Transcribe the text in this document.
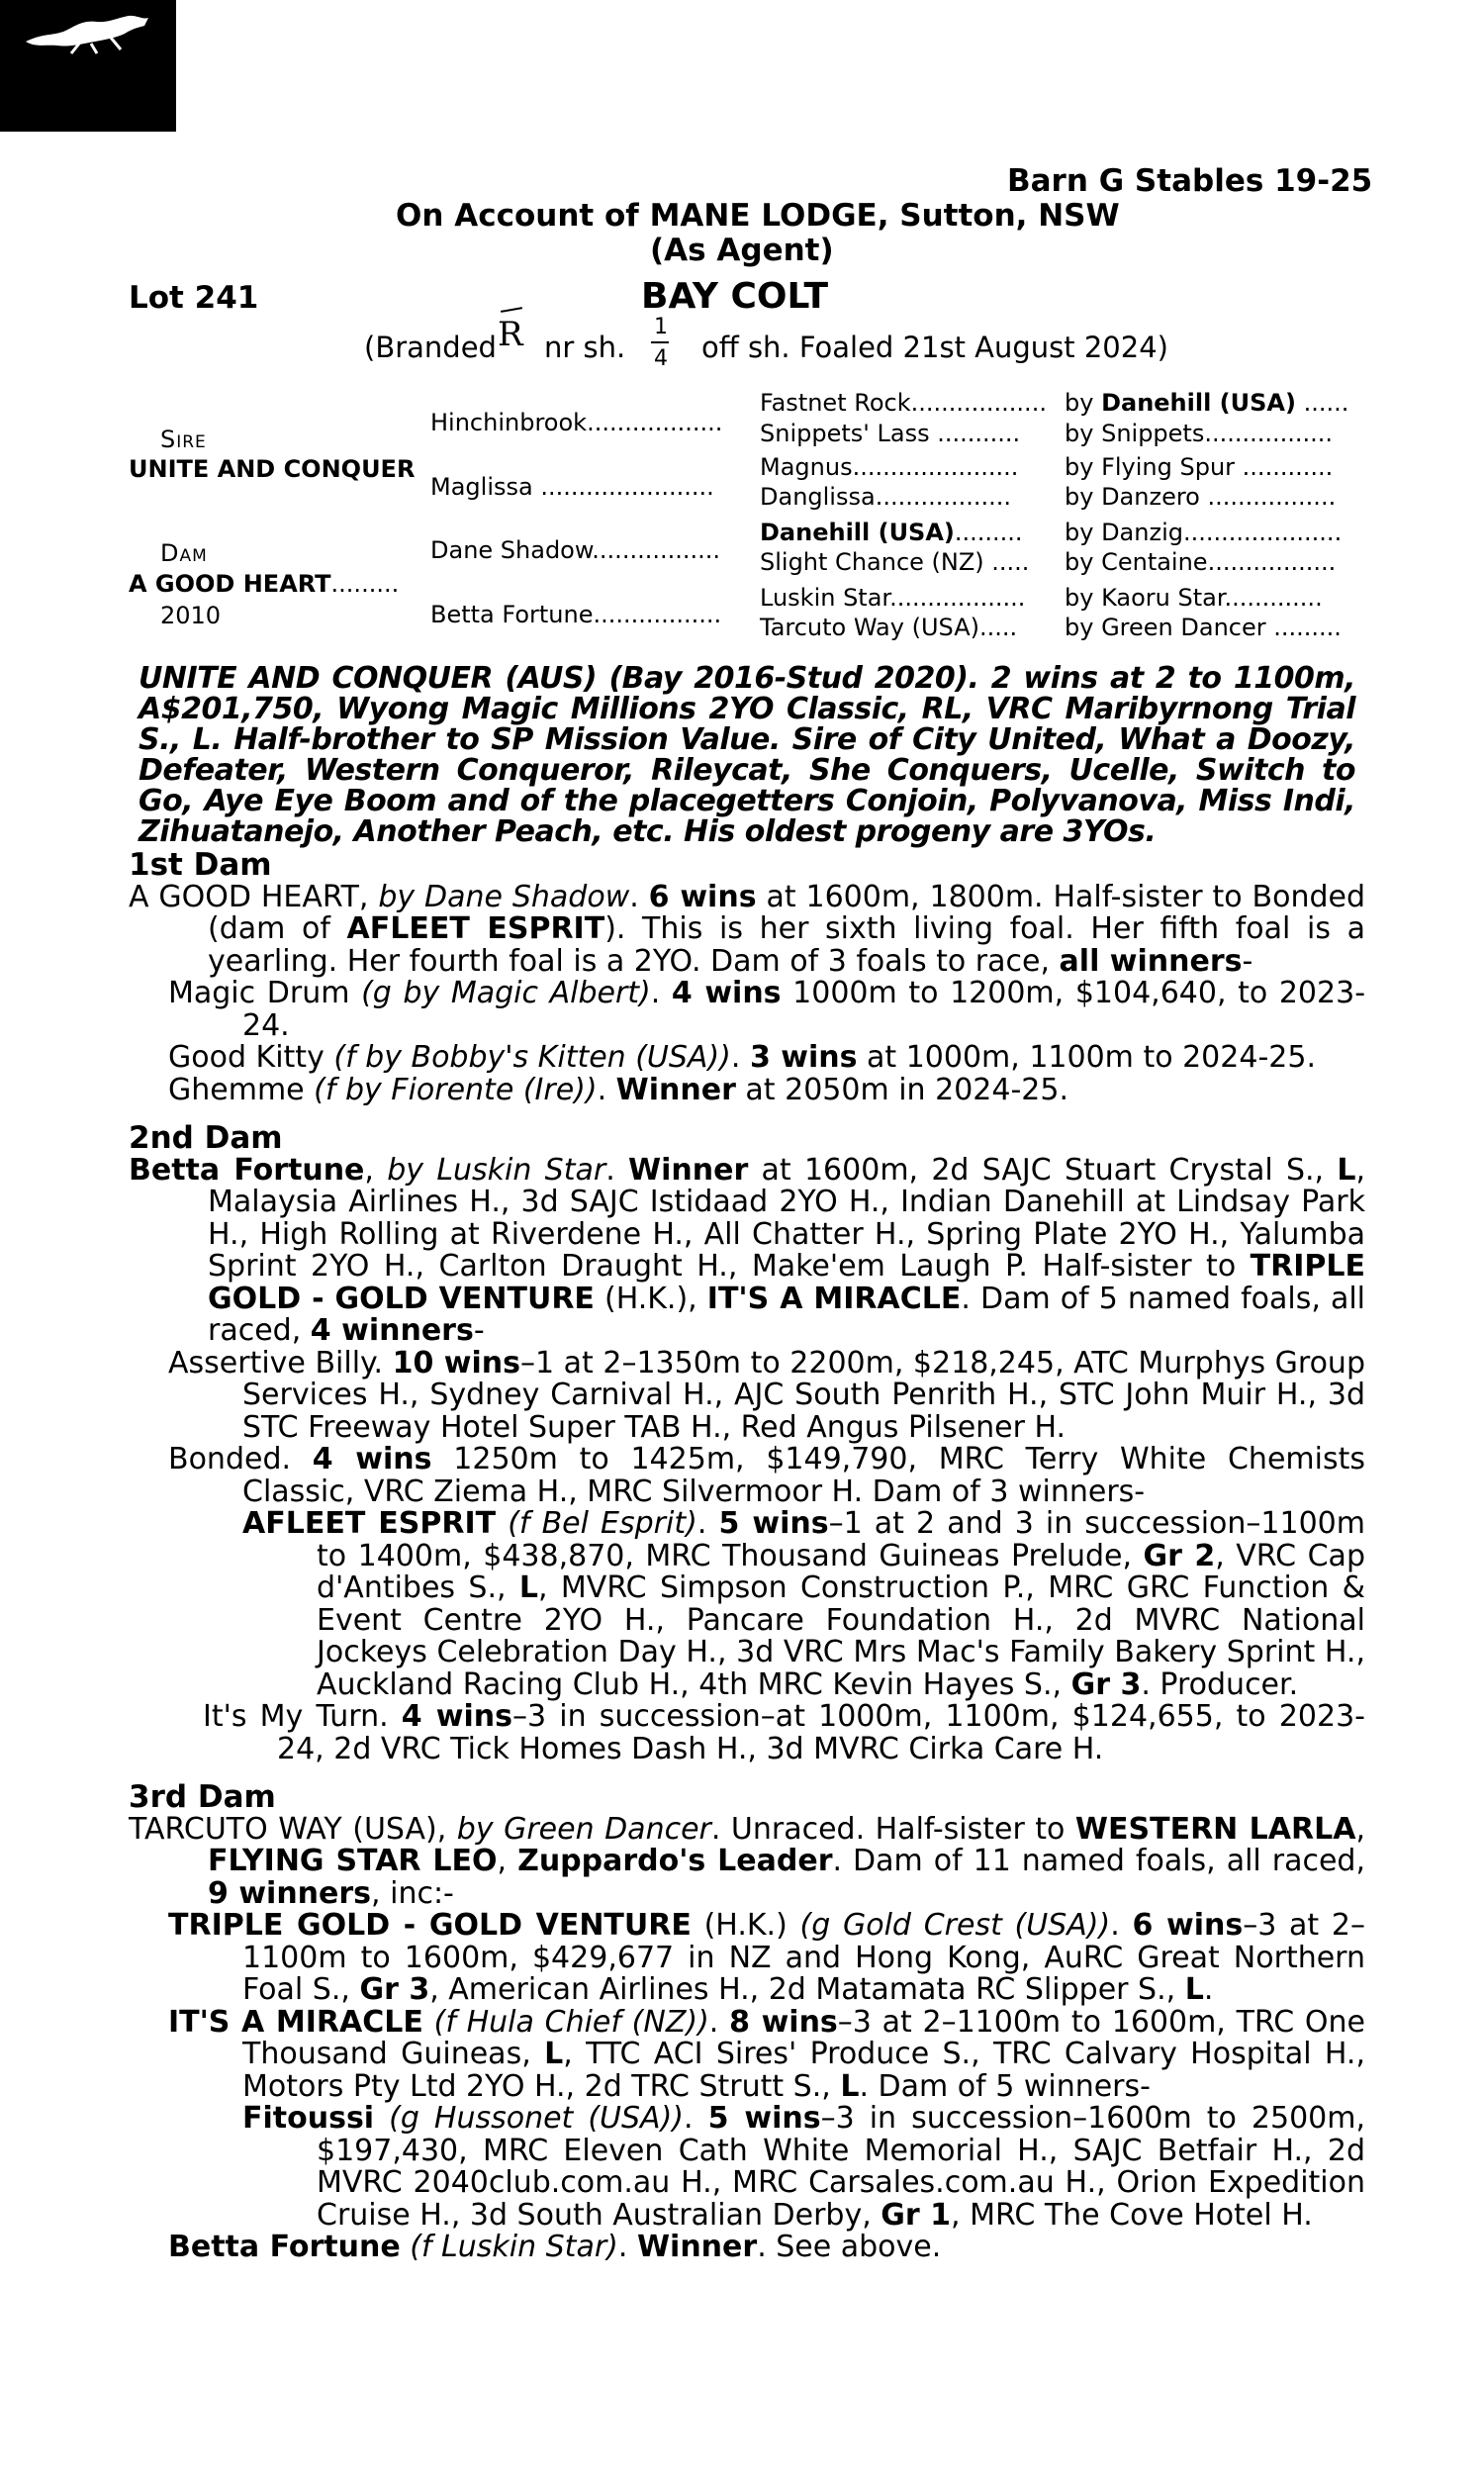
BOBS
ELIGIBLE
Barn G Stables 19-25
On Account of MANE LODGE, Sutton, NSW
(As Agent)
Lot 241	BAY COLT
(Branded R nr sh.
1
4 off sh. Foaled 21st August 2024)
Sire
UNITE AND CONQUER
Dam
A GOOD HEART.........
2010
Hinchinbrook..................
Maglissa .......................
Dane Shadow.................
Betta Fortune.................
Fastnet Rock.................. by Danehill (USA) ......
Snippets' Lass ........... by Snippets.................
Magnus...................... by Flying Spur ............
Danglissa.................. by Danzero .................
Danehill (USA)......... by Danzig.....................
Slight Chance (NZ) ..... by Centaine.................
Luskin Star.................. by Kaoru Star.............
Tarcuto Way (USA)..... by Green Dancer .........
UNITE AND CONQUER (AUS) (Bay 2016-Stud 2020). 2 wins at 2 to 1100m, A$201,750, Wyong Magic Millions 2YO Classic, RL, VRC Maribyrnong Trial S., L. Half-brother to SP Mission Value. Sire of City United, What a Doozy, Defeater, Western Conqueror, Rileycat, She Conquers, Ucelle, Switch to Go, Aye Eye Boom and of the placegetters Conjoin, Polyvanova, Miss Indi, Zihuatanejo, Another Peach, etc. His oldest progeny are 3YOs.
1st Dam
A GOOD HEART, by Dane Shadow. 6 wins at 1600m, 1800m. Half-sister to Bonded (dam of AFLEET ESPRIT). This is her sixth living foal. Her fifth foal is a yearling. Her fourth foal is a 2YO. Dam of 3 foals to race, all winners-
Magic Drum (g by Magic Albert). 4 wins 1000m to 1200m, $104,640, to 2023-24.
Good Kitty (f by Bobby's Kitten (USA)). 3 wins at 1000m, 1100m to 2024-25.
Ghemme (f by Fiorente (Ire)). Winner at 2050m in 2024-25.
2nd Dam
Betta Fortune, by Luskin Star. Winner at 1600m, 2d SAJC Stuart Crystal S., L, Malaysia Airlines H., 3d SAJC Istidaad 2YO H., Indian Danehill at Lindsay Park H., High Rolling at Riverdene H., All Chatter H., Spring Plate 2YO H., Yalumba Sprint 2YO H., Carlton Draught H., Make'em Laugh P. Half-sister to TRIPLE GOLD - GOLD VENTURE (H.K.), IT'S A MIRACLE. Dam of 5 named foals, all raced, 4 winners-
Assertive Billy. 10 wins–1 at 2–1350m to 2200m, $218,245, ATC Murphys Group Services H., Sydney Carnival H., AJC South Penrith H., STC John Muir H., 3d STC Freeway Hotel Super TAB H., Red Angus Pilsener H.
Bonded. 4 wins 1250m to 1425m, $149,790, MRC Terry White Chemists Classic, VRC Ziema H., MRC Silvermoor H. Dam of 3 winners-
AFLEET ESPRIT (f Bel Esprit). 5 wins–1 at 2 and 3 in succession–1100m to 1400m, $438,870, MRC Thousand Guineas Prelude, Gr 2, VRC Cap d'Antibes S., L, MVRC Simpson Construction P., MRC GRC Function & Event Centre 2YO H., Pancare Foundation H., 2d MVRC National Jockeys Celebration Day H., 3d VRC Mrs Mac's Family Bakery Sprint H., Auckland Racing Club H., 4th MRC Kevin Hayes S., Gr 3. Producer.
It's My Turn. 4 wins–3 in succession–at 1000m, 1100m, $124,655, to 2023-24, 2d VRC Tick Homes Dash H., 3d MVRC Cirka Care H.
3rd Dam
TARCUTO WAY (USA), by Green Dancer. Unraced. Half-sister to WESTERN LARLA, FLYING STAR LEO, Zuppardo's Leader. Dam of 11 named foals, all raced, 9 winners, inc:-
TRIPLE GOLD - GOLD VENTURE (H.K.) (g Gold Crest (USA)). 6 wins–3 at 2–1100m to 1600m, $429,677 in NZ and Hong Kong, AuRC Great Northern Foal S., Gr 3, American Airlines H., 2d Matamata RC Slipper S., L.
IT'S A MIRACLE (f Hula Chief (NZ)). 8 wins–3 at 2–1100m to 1600m, TRC One Thousand Guineas, L, TTC ACI Sires' Produce S., TRC Calvary Hospital H., Motors Pty Ltd 2YO H., 2d TRC Strutt S., L. Dam of 5 winners-
Fitoussi (g Hussonet (USA)). 5 wins–3 in succession–1600m to 2500m, $197,430, MRC Eleven Cath White Memorial H., SAJC Betfair H., 2d MVRC 2040club.com.au H., MRC Carsales.com.au H., Orion Expedition Cruise H., 3d South Australian Derby, Gr 1, MRC The Cove Hotel H.
Betta Fortune (f Luskin Star). Winner. See above.
